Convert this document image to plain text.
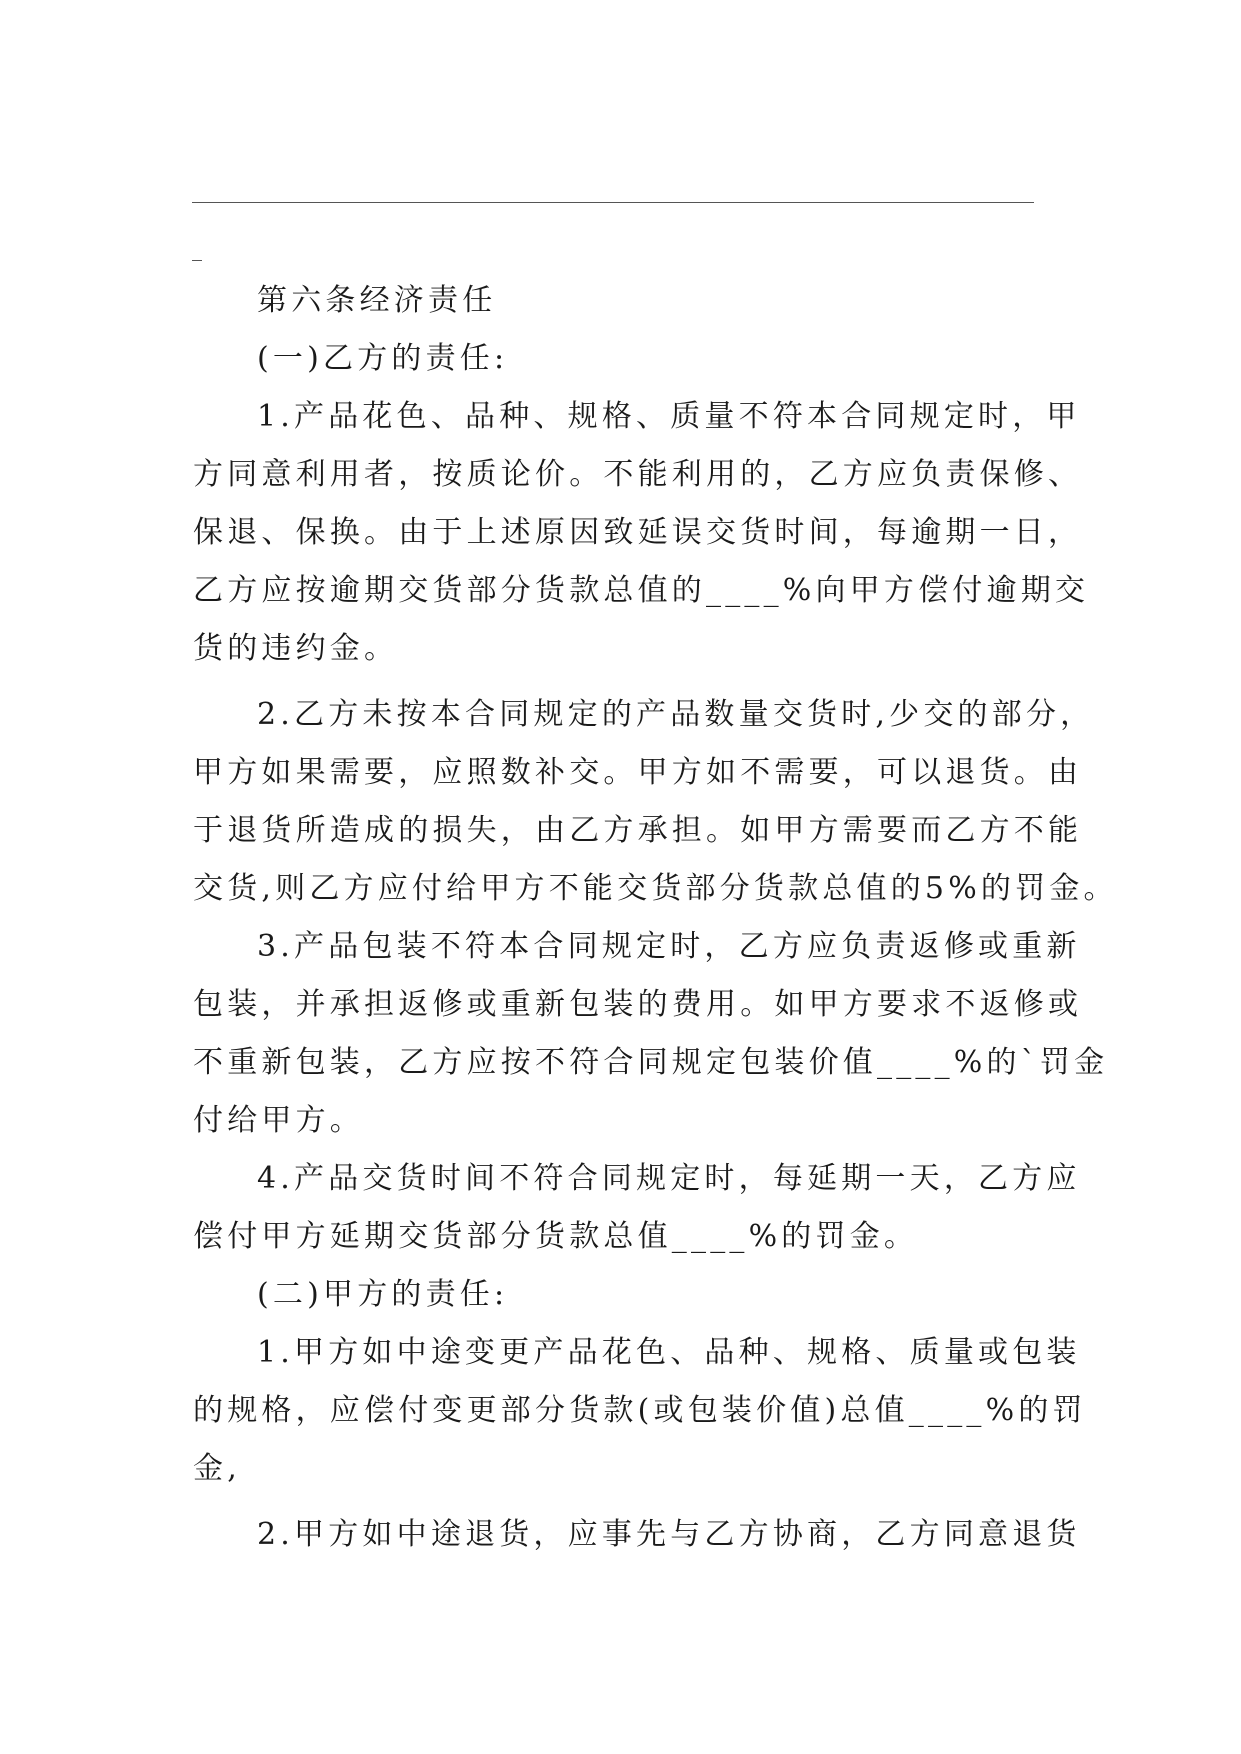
第六条经济责任
(一)乙方的责任:
1.产品花色、品种、规格、质量不符本合同规定时，甲
方同意利用者，按质论价。不能利用的，乙方应负责保修、
保退、保换。由于上述原因致延误交货时间，每逾期一日，
乙方应按逾期交货部分货款总值的____%向甲方偿付逾期交
货的违约金。
2.乙方未按本合同规定的产品数量交货时,少交的部分，
甲方如果需要，应照数补交。甲方如不需要，可以退货。由
于退货所造成的损失，由乙方承担。如甲方需要而乙方不能
交货,则乙方应付给甲方不能交货部分货款总值的5%的罚金。
3.产品包装不符本合同规定时，乙方应负责返修或重新
包装，并承担返修或重新包装的费用。如甲方要求不返修或
不重新包装，乙方应按不符合同规定包装价值____%的`罚金
付给甲方。
4.产品交货时间不符合同规定时，每延期一天，乙方应
偿付甲方延期交货部分货款总值____%的罚金。
(二)甲方的责任:
1.甲方如中途变更产品花色、品种、规格、质量或包装
的规格，应偿付变更部分货款(或包装价值)总值____%的罚
金,
2.甲方如中途退货，应事先与乙方协商，乙方同意退货
